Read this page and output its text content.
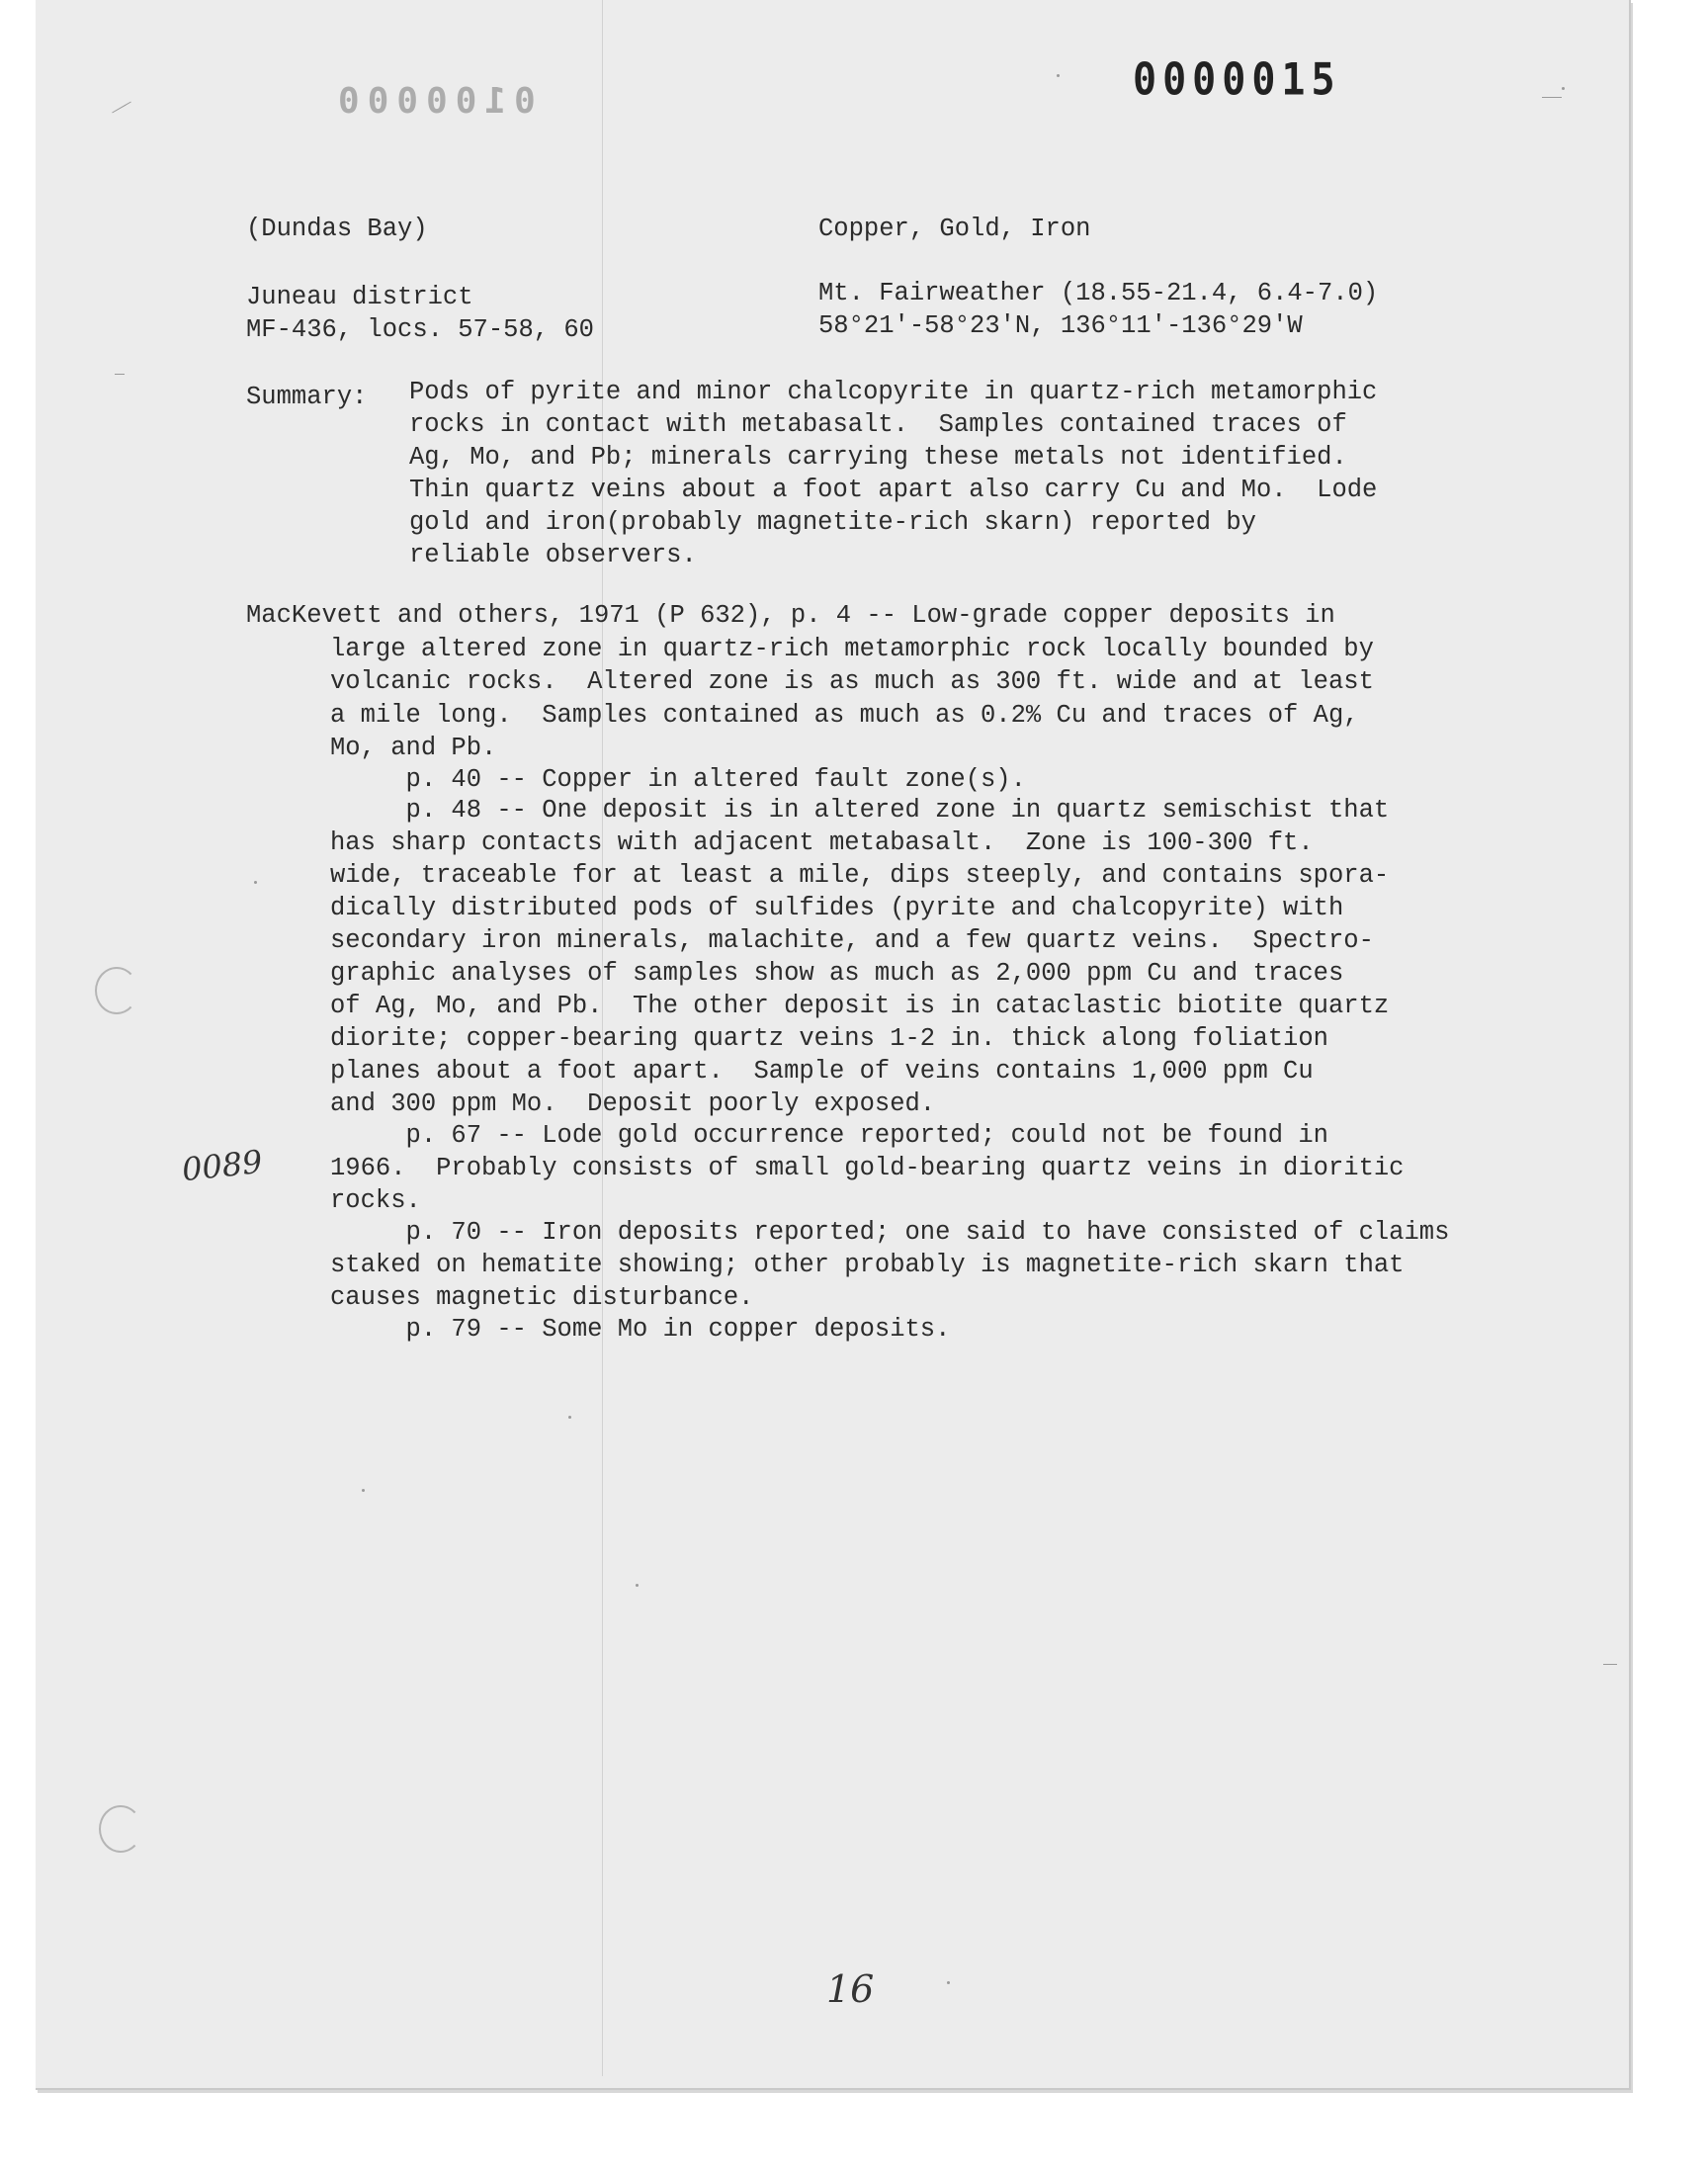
0000015
0100000
(Dundas Bay)	Copper, Gold, Iron
Juneau district
MF-436, locs. 57-58, 60
Mt. Fairweather (18.55-21.4, 6.4-7.0)
58°21'-58°23'N, 136°11'-136°29'W
Summary: Pods of pyrite and minor chalcopyrite in quartz-rich metamorphic
rocks in contact with metabasalt.  Samples contained traces of
Ag, Mo, and Pb; minerals carrying these metals not identified.
Thin quartz veins about a foot apart also carry Cu and Mo.  Lode
gold and iron(probably magnetite-rich skarn) reported by
reliable observers.
MacKevett and others, 1971 (P 632), p. 4 -- Low-grade copper deposits in
large altered zone in quartz-rich metamorphic rock locally bounded by
volcanic rocks.  Altered zone is as much as 300 ft. wide and at least
a mile long.  Samples contained as much as 0.2% Cu and traces of Ag,
Mo, and Pb.
p. 40 -- Copper in altered fault zone(s).
p. 48 -- One deposit is in altered zone in quartz semischist that
has sharp contacts with adjacent metabasalt.  Zone is 100-300 ft.
wide, traceable for at least a mile, dips steeply, and contains spora-
dically distributed pods of sulfides (pyrite and chalcopyrite) with
secondary iron minerals, malachite, and a few quartz veins.  Spectro-
graphic analyses of samples show as much as 2,000 ppm Cu and traces
of Ag, Mo, and Pb.  The other deposit is in cataclastic biotite quartz
diorite; copper-bearing quartz veins 1-2 in. thick along foliation
planes about a foot apart.  Sample of veins contains 1,000 ppm Cu
and 300 ppm Mo.  Deposit poorly exposed.
p. 67 -- Lode gold occurrence reported; could not be found in
1966.  Probably consists of small gold-bearing quartz veins in dioritic
rocks.
p. 70 -- Iron deposits reported; one said to have consisted of claims
staked on hematite showing; other probably is magnetite-rich skarn that
causes magnetic disturbance.
p. 79 -- Some Mo in copper deposits.
0089
16
